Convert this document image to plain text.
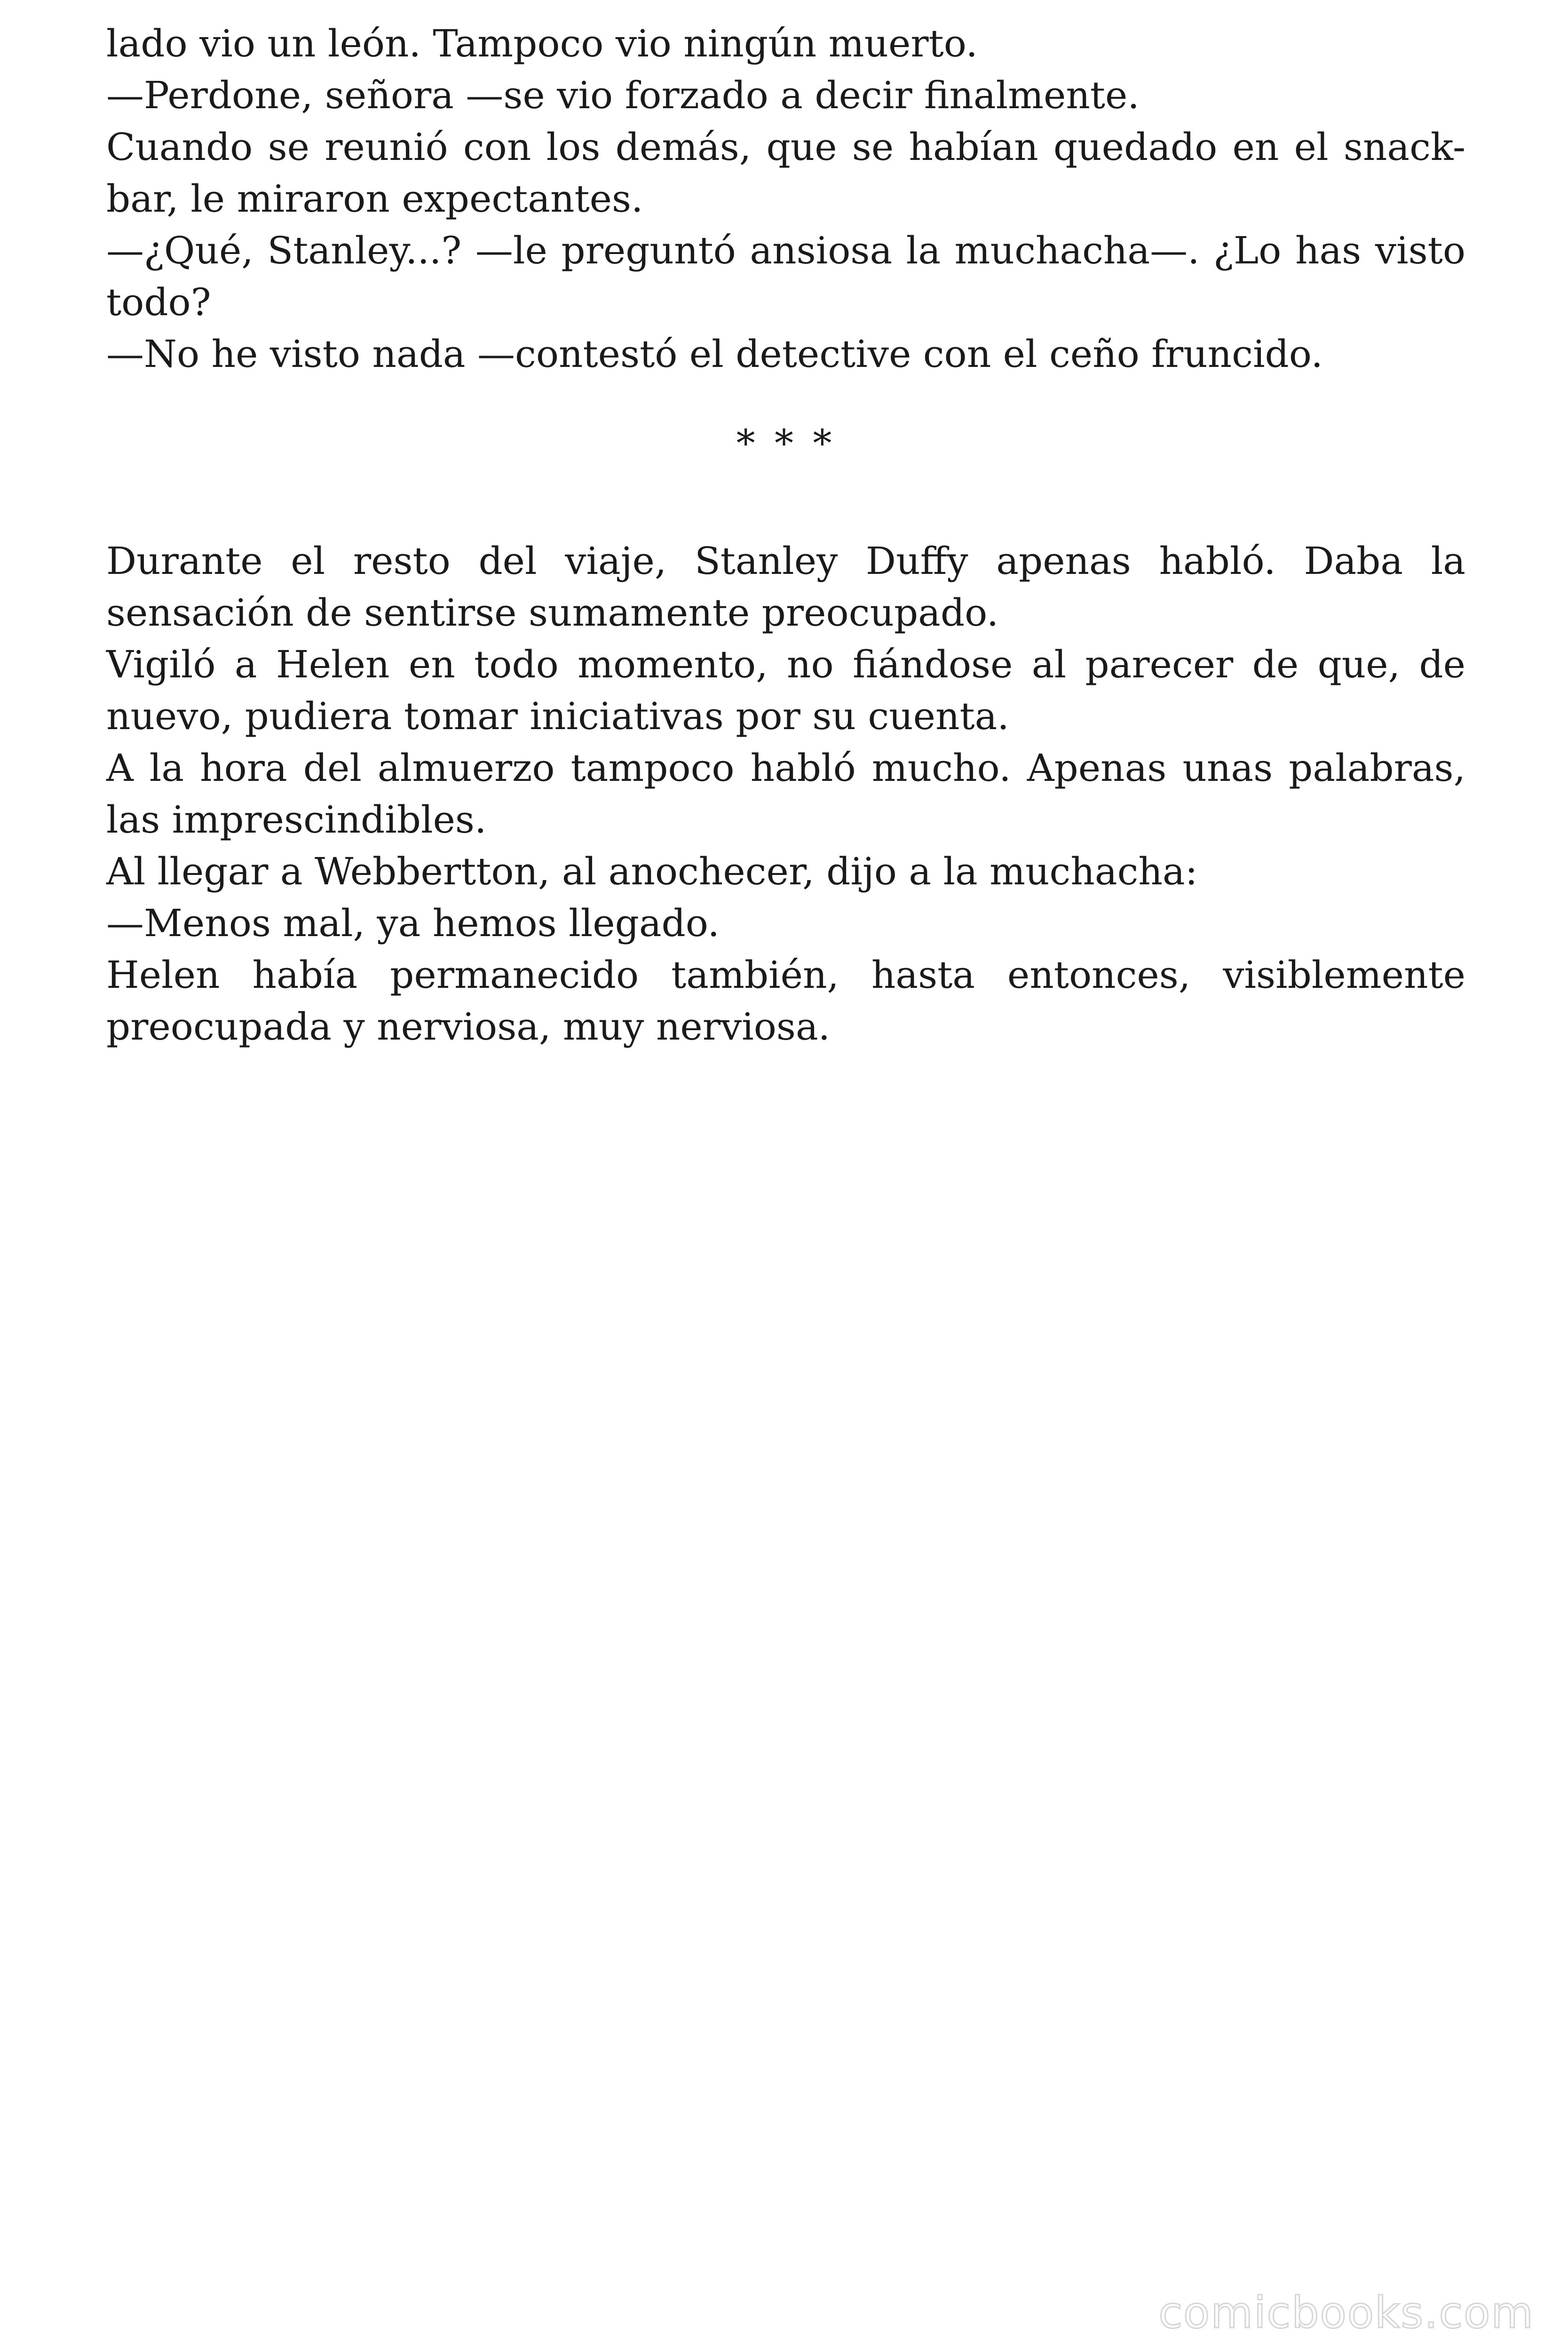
lado vio un león. Tampoco vio ningún muerto.

—Perdone, señora —se vio forzado a decir finalmente.

Cuando se reunió con los demás, que se habían quedado en el snack-bar, le miraron expectantes.

—¿Qué, Stanley...? —le preguntó ansiosa la muchacha—. ¿Lo has visto todo?

—No he visto nada —contestó el detective con el ceño fruncido.

* * *

Durante el resto del viaje, Stanley Duffy apenas habló. Daba la sensación de sentirse sumamente preocupado.

Vigiló a Helen en todo momento, no fiándose al parecer de que, de nuevo, pudiera tomar iniciativas por su cuenta.

A la hora del almuerzo tampoco habló mucho. Apenas unas palabras, las imprescindibles.

Al llegar a Webbertton, al anochecer, dijo a la muchacha:

—Menos mal, ya hemos llegado.

Helen había permanecido también, hasta entonces, visiblemente preocupada y nerviosa, muy nerviosa.

comicbooks.com
